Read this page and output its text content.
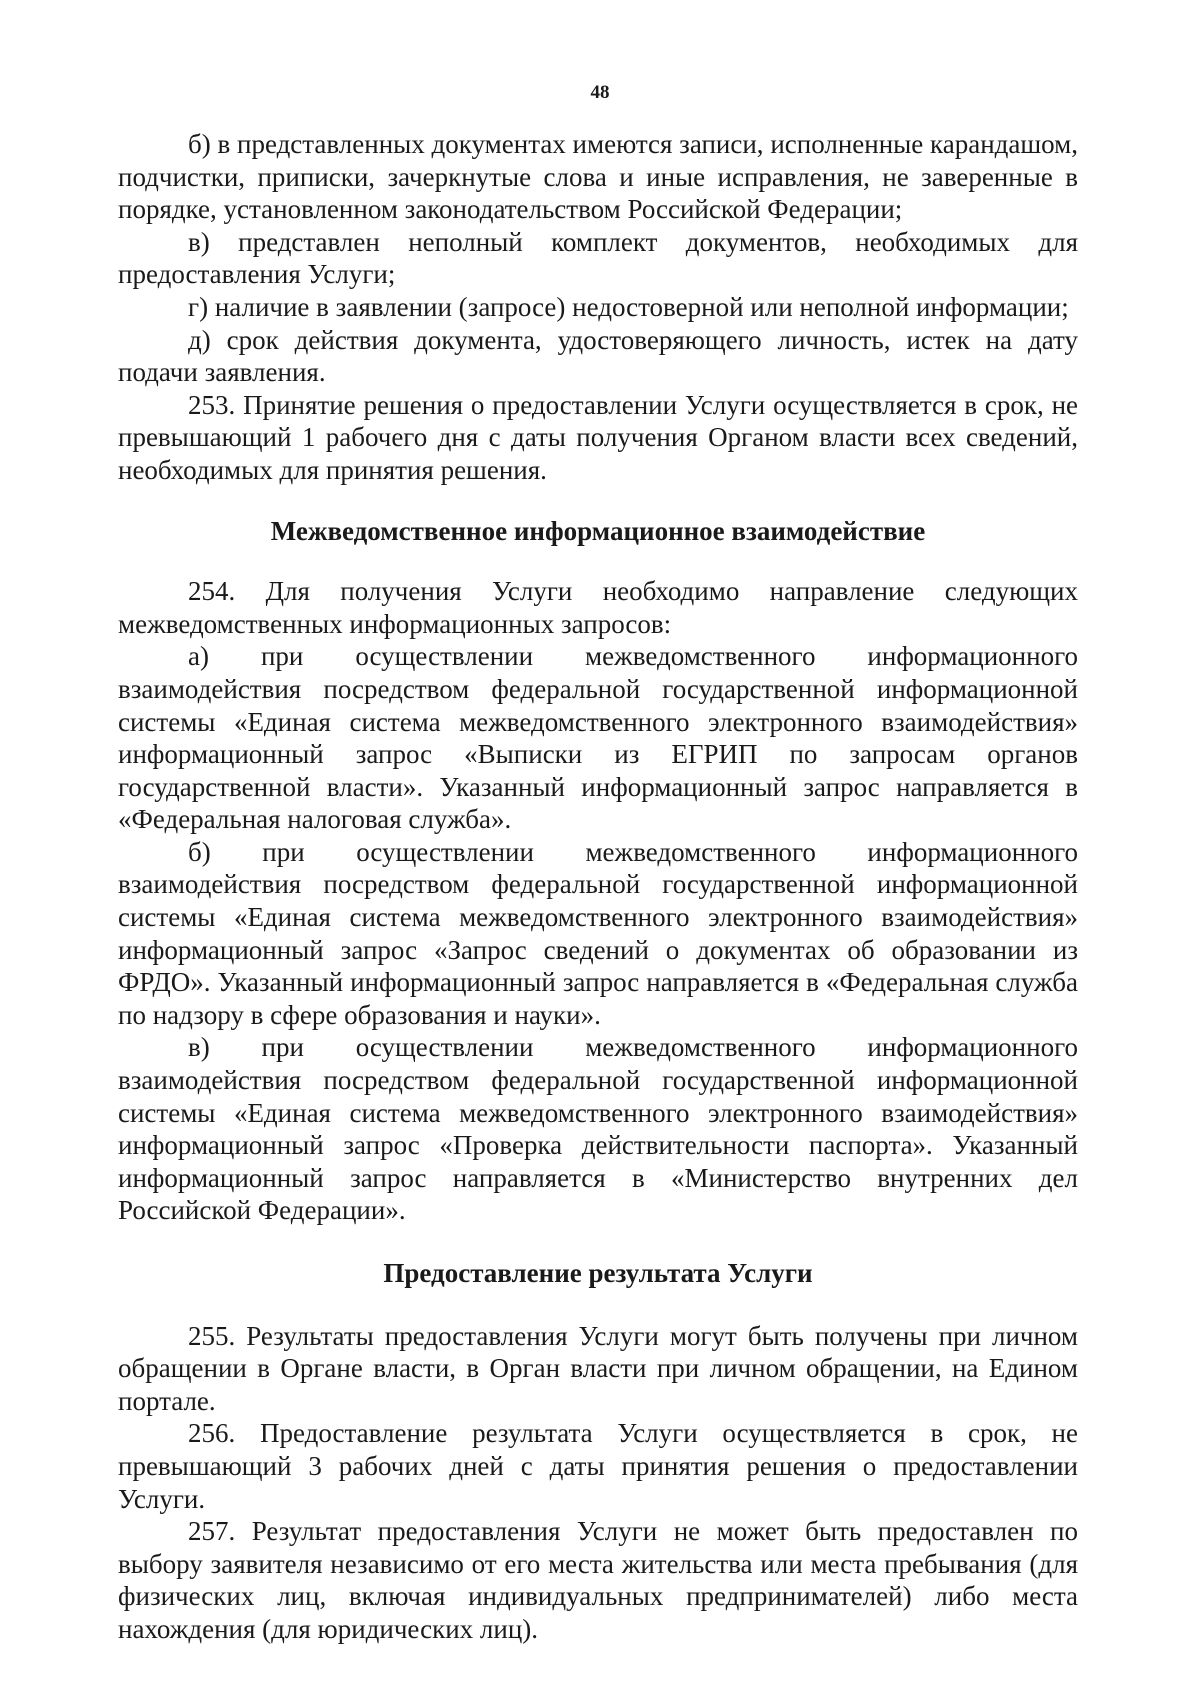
48

б) в представленных документах имеются записи, исполненные карандашом, подчистки, приписки, зачеркнутые слова и иные исправления, не заверенные в порядке, установленном законодательством Российской Федерации;

в) представлен неполный комплект документов, необходимых для предоставления Услуги;

г) наличие в заявлении (запросе) недостоверной или неполной информации;

д) срок действия документа, удостоверяющего личность, истек на дату подачи заявления.

253. Принятие решения о предоставлении Услуги осуществляется в срок, не превышающий 1 рабочего дня с даты получения Органом власти всех сведений, необходимых для принятия решения.

Межведомственное информационное взаимодействие

254. Для получения Услуги необходимо направление следующих межведомственных информационных запросов:

а) при осуществлении межведомственного информационного взаимодействия посредством федеральной государственной информационной системы «Единая система межведомственного электронного взаимодействия» информационный запрос «Выписки из ЕГРИП по запросам органов государственной власти». Указанный информационный запрос направляется в «Федеральная налоговая служба».

б) при осуществлении межведомственного информационного взаимодействия посредством федеральной государственной информационной системы «Единая система межведомственного электронного взаимодействия» информационный запрос «Запрос сведений о документах об образовании из ФРДО». Указанный информационный запрос направляется в «Федеральная служба по надзору в сфере образования и науки».

в) при осуществлении межведомственного информационного взаимодействия посредством федеральной государственной информационной системы «Единая система межведомственного электронного взаимодействия» информационный запрос «Проверка действительности паспорта». Указанный информационный запрос направляется в «Министерство внутренних дел Российской Федерации».

Предоставление результата Услуги

255. Результаты предоставления Услуги могут быть получены при личном обращении в Органе власти, в Орган власти при личном обращении, на Едином портале.

256. Предоставление результата Услуги осуществляется в срок, не превышающий 3 рабочих дней с даты принятия решения о предоставлении Услуги.

257. Результат предоставления Услуги не может быть предоставлен по выбору заявителя независимо от его места жительства или места пребывания (для физических лиц, включая индивидуальных предпринимателей) либо места нахождения (для юридических лиц).
